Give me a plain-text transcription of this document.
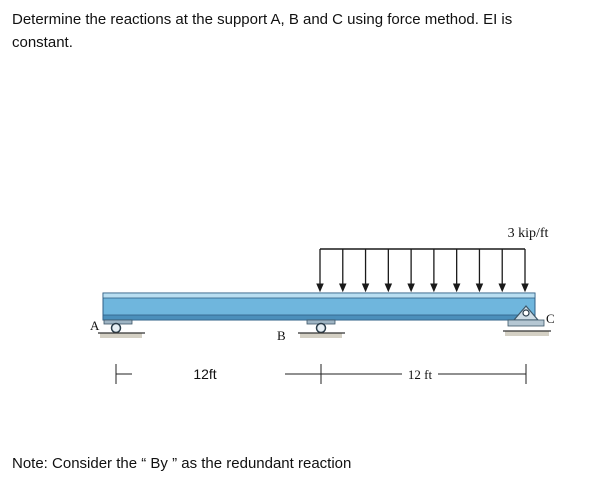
Determine the reactions at the support A, B and C using force method. EI is
constant.

3 kip/ft
A
B
C
12ft	12 ft

Note: Consider the “ By ” as the redundant reaction
